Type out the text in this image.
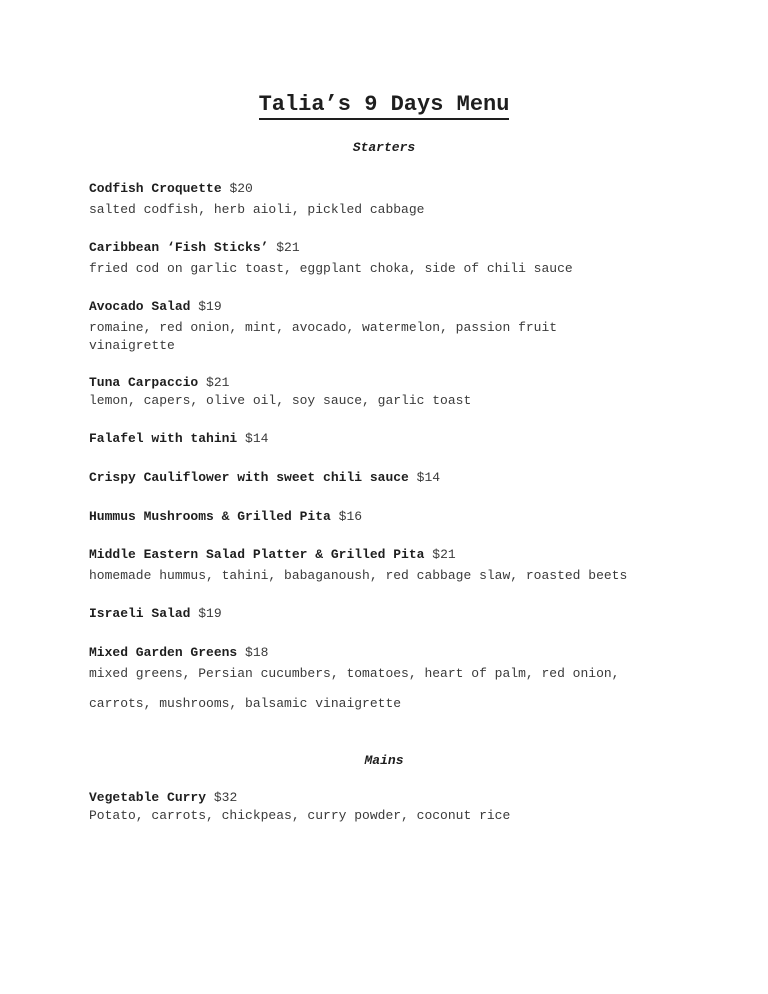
Talia’s 9 Days Menu
Starters
Codfish Croquette $20
salted codfish, herb aioli, pickled cabbage
Caribbean ‘Fish Sticks’ $21
fried cod on garlic toast, eggplant choka, side of chili sauce
Avocado Salad $19
romaine, red onion, mint, avocado, watermelon, passion fruit vinaigrette
Tuna Carpaccio $21
lemon, capers, olive oil, soy sauce, garlic toast
Falafel with tahini $14
Crispy Cauliflower with sweet chili sauce $14
Hummus Mushrooms & Grilled Pita $16
Middle Eastern Salad Platter & Grilled Pita $21
homemade hummus, tahini, babaganoush, red cabbage slaw, roasted beets
Israeli Salad $19
Mixed Garden Greens $18
mixed greens, Persian cucumbers, tomatoes, heart of palm, red onion,
carrots, mushrooms, balsamic vinaigrette
Mains
Vegetable Curry $32
Potato, carrots, chickpeas, curry powder, coconut rice
